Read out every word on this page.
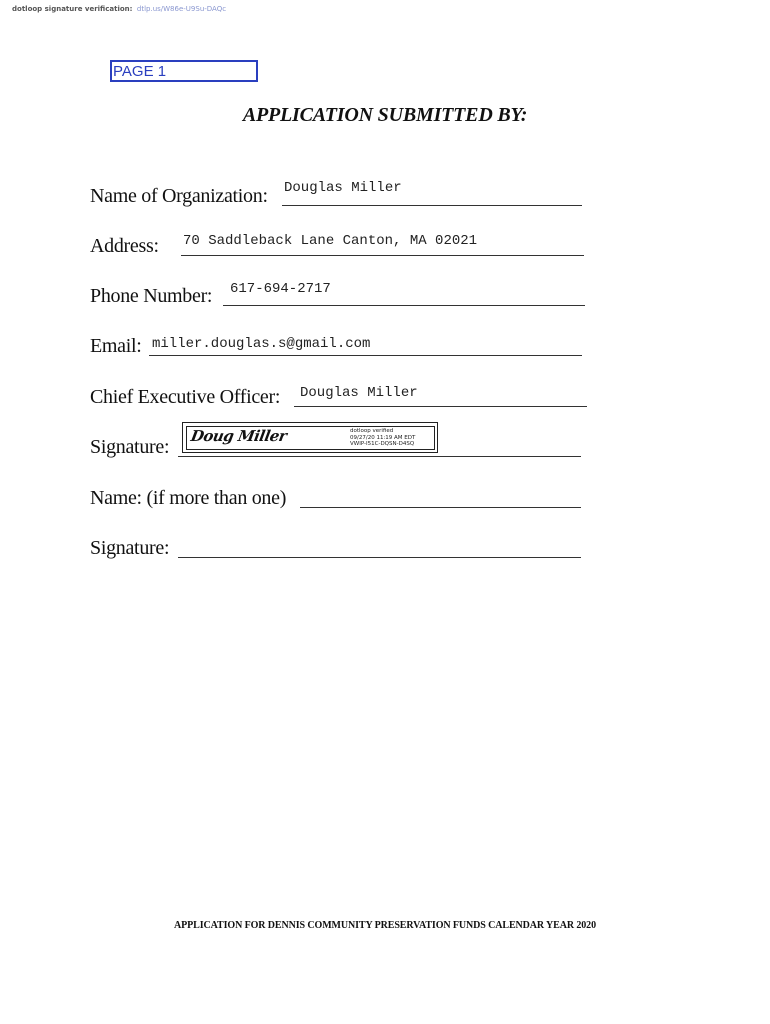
dotloop signature verification: dtlp.us/W86e-U9Su-DAQc
PAGE 1
APPLICATION SUBMITTED BY:
Name of Organization: Douglas Miller
Address: 70 Saddleback Lane Canton, MA 02021
Phone Number: 617-694-2717
Email: miller.douglas.s@gmail.com
Chief Executive Officer: Douglas Miller
Signature: Doug Miller	dotloop verified
09/27/20 11:19 AM EDT
VWIP-I51C-DQSN-D4SQ
Name: (if more than one)
Signature:
APPLICATION FOR DENNIS COMMUNITY PRESERVATION FUNDS CALENDAR YEAR 2020
